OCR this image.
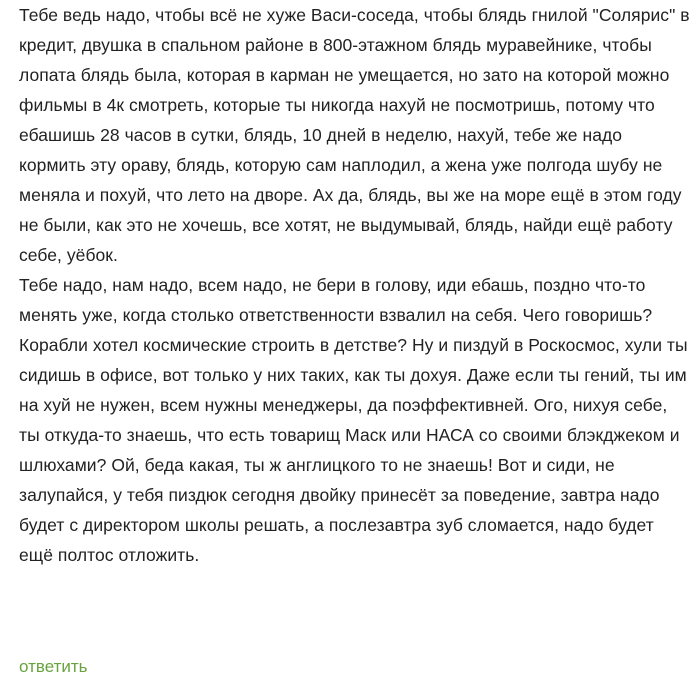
Тебе ведь надо, чтобы всё не хуже Васи-соседа, чтобы блядь гнилой "Солярис" в кредит, двушка в спальном районе в 800-этажном блядь муравейнике, чтобы лопата блядь была, которая в карман не умещается, но зато на которой можно фильмы в 4к смотреть, которые ты никогда нахуй не посмотришь, потому что ебашишь 28 часов в сутки, блядь, 10 дней в неделю, нахуй, тебе же надо кормить эту ораву, блядь, которую сам наплодил, а жена уже полгода шубу не меняла и похуй, что лето на дворе. Ах да, блядь, вы же на море ещё в этом году не были, как это не хочешь, все хотят, не выдумывай, блядь, найди ещё работу себе, уёбок.

Тебе надо, нам надо, всем надо, не бери в голову, иди ебашь, поздно что-то менять уже, когда столько ответственности взвалил на себя. Чего говоришь? Корабли хотел космические строить в детстве? Ну и пиздуй в Роскосмос, хули ты сидишь в офисе, вот только у них таких, как ты дохуя. Даже если ты гений, ты им на хуй не нужен, всем нужны менеджеры, да поэффективней. Ого, нихуя себе, ты откуда-то знаешь, что есть товарищ Маск или НАСА со своими блэкджеком и шлюхами? Ой, беда какая, ты ж англицкого то не знаешь! Вот и сиди, не залупайся, у тебя пиздюк сегодня двойку принесёт за поведение, завтра надо будет с директором школы решать, а послезавтра зуб сломается, надо будет ещё полтос отложить.

ответить
